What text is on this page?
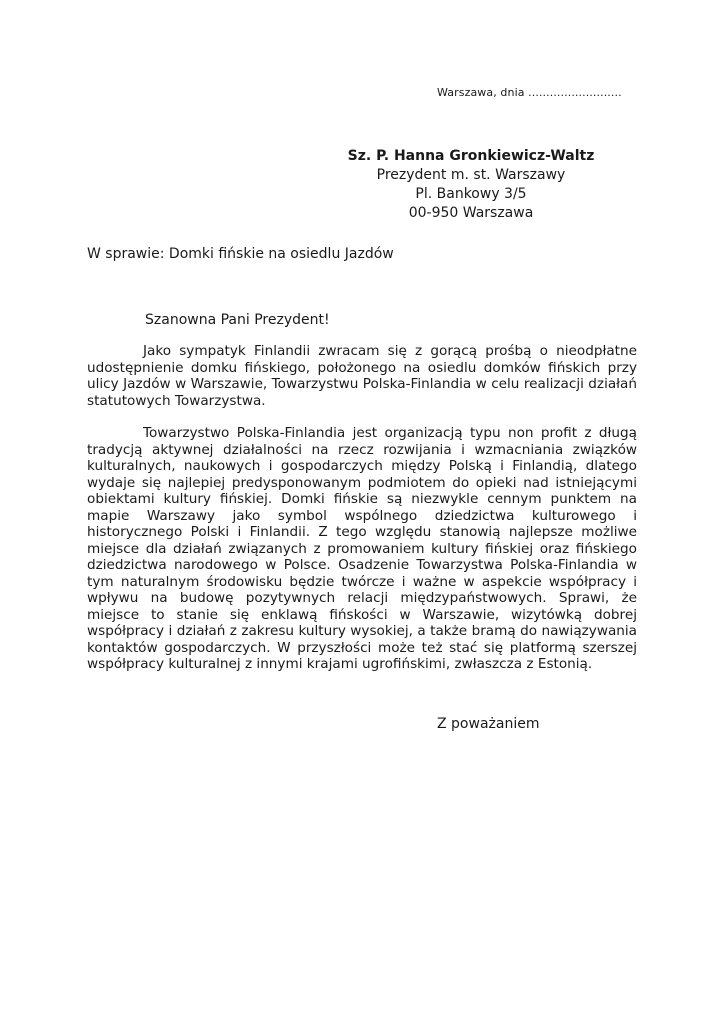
Warszawa, dnia ..........................
Sz. P. Hanna Gronkiewicz-Waltz
Prezydent m. st. Warszawy
Pl. Bankowy 3/5
00-950 Warszawa
W sprawie: Domki fińskie na osiedlu Jazdów
Szanowna Pani Prezydent!

Jako sympatyk Finlandii zwracam się z gorącą prośbą o nieodpłatne udostępnienie domku fińskiego, położonego na osiedlu domków fińskich przy ulicy Jazdów w Warszawie, Towarzystwu Polska-Finlandia w celu realizacji działań statutowych Towarzystwa.

Towarzystwo Polska-Finlandia jest organizacją typu non profit z długą tradycją aktywnej działalności na rzecz rozwijania i wzmacniania związków kulturalnych, naukowych i gospodarczych między Polską i Finlandią, dlatego wydaje się najlepiej predysponowanym podmiotem do opieki nad istniejącymi obiektami kultury fińskiej. Domki fińskie są niezwykle cennym punktem na mapie Warszawy jako symbol wspólnego dziedzictwa kulturowego i historycznego Polski i Finlandii. Z tego względu stanowią najlepsze możliwe miejsce dla działań związanych z promowaniem kultury fińskiej oraz fińskiego dziedzictwa narodowego w Polsce. Osadzenie Towarzystwa Polska-Finlandia w tym naturalnym środowisku będzie twórcze i ważne w aspekcie współpracy i wpływu na budowę pozytywnych relacji międzypaństwowych. Sprawi, że miejsce to stanie się enklawą fińskości w Warszawie, wizytówką dobrej współpracy i działań z zakresu kultury wysokiej, a także bramą do nawiązywania kontaktów gospodarczych. W przyszłości może też stać się platformą szerszej współpracy kulturalnej z innymi krajami ugrofińskimi, zwłaszcza z Estonią.

Z poważaniem
